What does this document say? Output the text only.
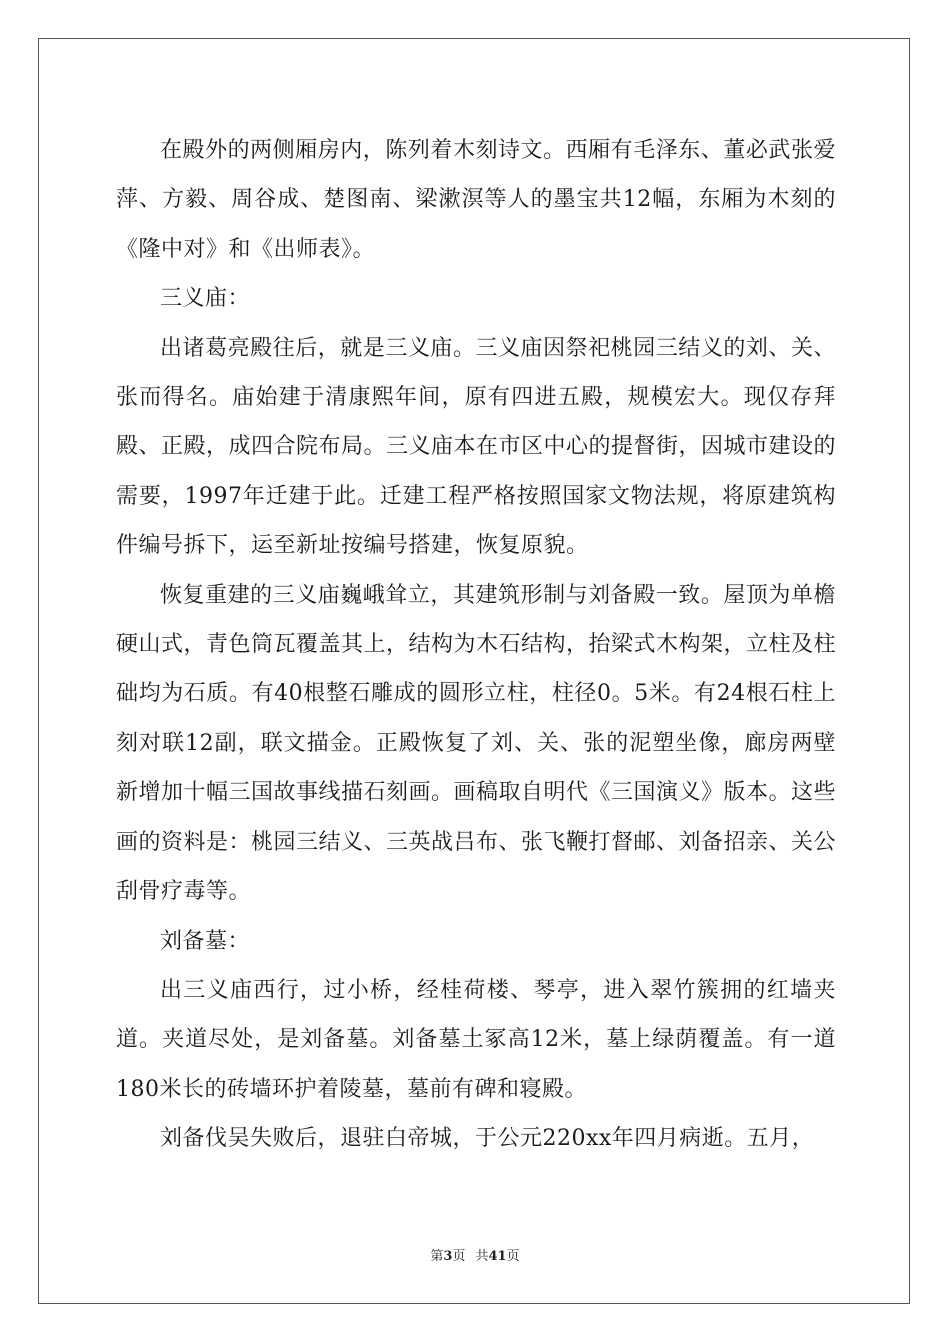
在殿外的两侧厢房内，陈列着木刻诗文。西厢有毛泽东、董必武张爱萍、方毅、周谷成、楚图南、梁漱溟等人的墨宝共12幅，东厢为木刻的《隆中对》和《出师表》。

三义庙：

出诸葛亮殿往后，就是三义庙。三义庙因祭祀桃园三结义的刘、关、张而得名。庙始建于清康熙年间，原有四进五殿，规模宏大。现仅存拜殿、正殿，成四合院布局。三义庙本在市区中心的提督街，因城市建设的需要，1997年迁建于此。迁建工程严格按照国家文物法规，将原建筑构件编号拆下，运至新址按编号搭建，恢复原貌。

恢复重建的三义庙巍峨耸立，其建筑形制与刘备殿一致。屋顶为单檐硬山式，青色筒瓦覆盖其上，结构为木石结构，抬梁式木构架，立柱及柱础均为石质。有40根整石雕成的圆形立柱，柱径0。5米。有24根石柱上刻对联12副，联文描金。正殿恢复了刘、关、张的泥塑坐像，廊房两壁新增加十幅三国故事线描石刻画。画稿取自明代《三国演义》版本。这些画的资料是：桃园三结义、三英战吕布、张飞鞭打督邮、刘备招亲、关公刮骨疗毒等。

刘备墓：

出三义庙西行，过小桥，经桂荷楼、琴亭，进入翠竹簇拥的红墙夹道。夹道尽处，是刘备墓。刘备墓土冢高12米，墓上绿荫覆盖。有一道180米长的砖墙环护着陵墓，墓前有碑和寝殿。

刘备伐吴失败后，退驻白帝城，于公元220xx年四月病逝。五月，

第3页 共41页
